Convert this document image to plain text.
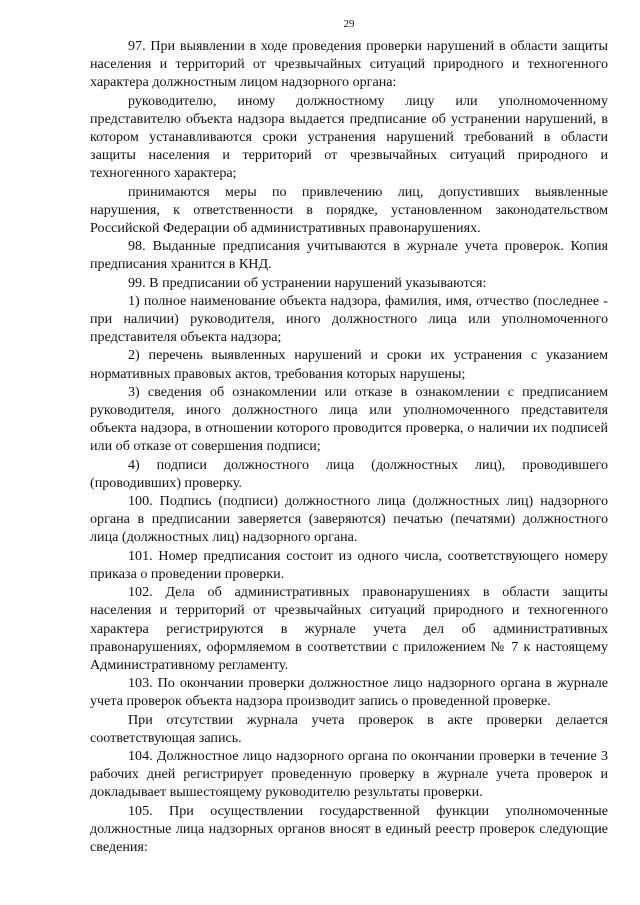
29

97. При выявлении в ходе проведения проверки нарушений в области защиты населения и территорий от чрезвычайных ситуаций природного и техногенного характера должностным лицом надзорного органа:

руководителю, иному должностному лицу или уполномоченному представителю объекта надзора выдается предписание об устранении нарушений, в котором устанавливаются сроки устранения нарушений требований в области защиты населения и территорий от чрезвычайных ситуаций природного и техногенного характера;

принимаются меры по привлечению лиц, допустивших выявленные нарушения, к ответственности в порядке, установленном законодательством Российской Федерации об административных правонарушениях.

98. Выданные предписания учитываются в журнале учета проверок. Копия предписания хранится в КНД.

99. В предписании об устранении нарушений указываются:

1) полное наименование объекта надзора, фамилия, имя, отчество (последнее - при наличии) руководителя, иного должностного лица или уполномоченного представителя объекта надзора;

2) перечень выявленных нарушений и сроки их устранения с указанием нормативных правовых актов, требования которых нарушены;

3) сведения об ознакомлении или отказе в ознакомлении с предписанием руководителя, иного должностного лица или уполномоченного представителя объекта надзора, в отношении которого проводится проверка, о наличии их подписей или об отказе от совершения подписи;

4) подписи должностного лица (должностных лиц), проводившего (проводивших) проверку.

100. Подпись (подписи) должностного лица (должностных лиц) надзорного органа в предписании заверяется (заверяются) печатью (печатями) должностного лица (должностных лиц) надзорного органа.

101. Номер предписания состоит из одного числа, соответствующего номеру приказа о проведении проверки.

102. Дела об административных правонарушениях в области защиты населения и территорий от чрезвычайных ситуаций природного и техногенного характера регистрируются в журнале учета дел об административных правонарушениях, оформляемом в соответствии с приложением № 7 к настоящему Административному регламенту.

103. По окончании проверки должностное лицо надзорного органа в журнале учета проверок объекта надзора производит запись о проведенной проверке.

При отсутствии журнала учета проверок в акте проверки делается соответствующая запись.

104. Должностное лицо надзорного органа по окончании проверки в течение 3 рабочих дней регистрирует проведенную проверку в журнале учета проверок и докладывает вышестоящему руководителю результаты проверки.

105. При осуществлении государственной функции уполномоченные должностные лица надзорных органов вносят в единый реестр проверок следующие сведения:
